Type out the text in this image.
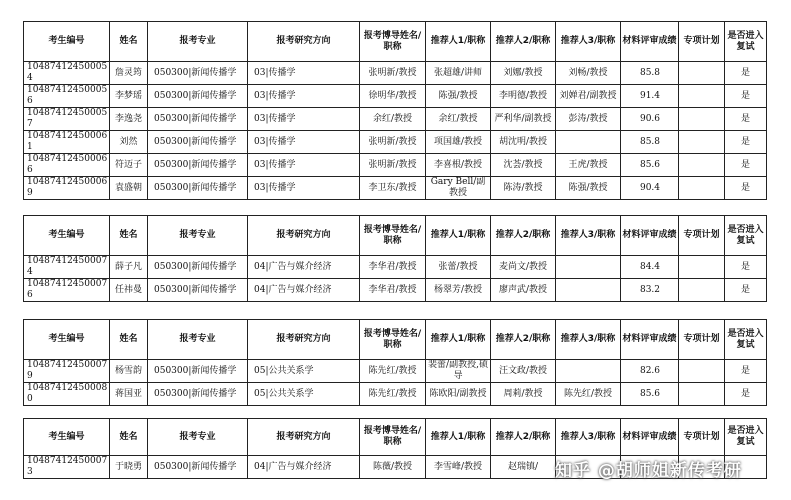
考生编号	姓名	报考专业	报考研究方向	报考博导姓名/职称	推荐人1/职称	推荐人2/职称	推荐人3/职称	材料评审成绩	专项计划	是否进入复试
104874124500054	詹灵筠	050300|新闻传播学	03|传播学	张明新/教授	张超雄/讲师	刘娜/教授	刘畅/教授	85.8		是
104874124500056	李梦瑶	050300|新闻传播学	03|传播学	徐明华/教授	陈强/教授	李明德/教授	刘婵君/副教授	91.4		是
104874124500057	李逸尧	050300|新闻传播学	03|传播学	余红/教授	余红/教授	严利华/副教授	彭涛/教授	90.6		是
104874124500061	刘然	050300|新闻传播学	03|传播学	张明新/教授	项国雄/教授	胡沈明/教授		85.8		是
104874124500066	符迈子	050300|新闻传播学	03|传播学	张明新/教授	李喜根/教授	沈荟/教授	王虎/教授	85.6		是
104874124500069	袁盛朝	050300|新闻传播学	03|传播学	李卫东/教授	Gary Bell/副教授	陈涛/教授	陈强/教授	90.4		是
考生编号	姓名	报考专业	报考研究方向	报考博导姓名/职称	推荐人1/职称	推荐人2/职称	推荐人3/职称	材料评审成绩	专项计划	是否进入复试
104874124500074	薛子凡	050300|新闻传播学	04|广告与媒介经济	李华君/教授	张蕾/教授	麦尚文/教授		84.4		是
104874124500076	任祎曼	050300|新闻传播学	04|广告与媒介经济	李华君/教授	杨翠芳/教授	廖声武/教授		83.2		是
考生编号	姓名	报考专业	报考研究方向	报考博导姓名/职称	推荐人1/职称	推荐人2/职称	推荐人3/职称	材料评审成绩	专项计划	是否进入复试
104874124500079	杨雪韵	050300|新闻传播学	05|公共关系学	陈先红/教授	裴蕾/副教授,硕导	汪文政/教授		82.6		是
104874124500080	蒋国亚	050300|新闻传播学	05|公共关系学	陈先红/教授	陈欧阳/副教授	周莉/教授	陈先红/教授	85.6		是
考生编号	姓名	报考专业	报考研究方向	报考博导姓名/职称	推荐人1/职称	推荐人2/职称	推荐人3/职称	材料评审成绩	专项计划	是否进入复试
104874124500073	于晓勇	050300|新闻传播学	04|广告与媒介经济	陈薇/教授	李雪峰/教授	赵瑞镇/				知乎 @胡师姐新传考研
